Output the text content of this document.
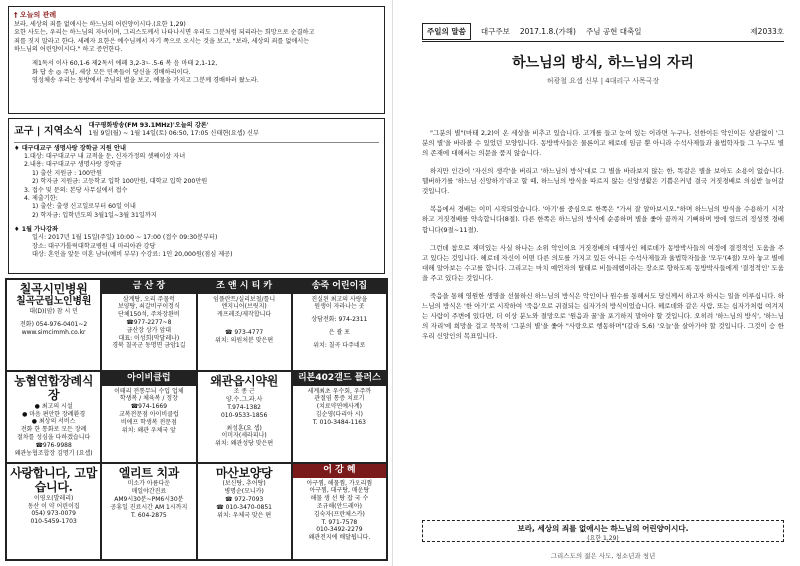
† 오늘의 관례
보라, 세상의 죄를 없애시는 하느님의 어린양이시다.(요한 1,29)
요한 사도는, 우리는 하느님의 자녀이며, 그리스도께서 나타나시면 우리도 그분처럼 되리라는 희망으로 순결하고
죄를 짓지 말라고 한다. 세례자 요한은 예수님께서 자기 쪽으로 오시는 것을 보고, "보라, 세상의 죄를 없애시는
하느님의 어린양이시다." 하고 증언한다.
제1독서 이사 60,1-6 제2독서 에페 3,2-3ㄴ.5-6 복 음 마태 2,1-12,
화 답 송 ◎ 주님, 세상 모든 민족들이 당신을 경배하리이다.
영성체송 우리는 동방에서 주님의 별을 보고, 예물을 가지고 그분께 경배하러 왔노라.
교구 | 지역소식
대구평화방송(FM 93.1MHz)'오늘의 강론'
1월 9일(월) ~ 1월 14일(토) 06:50, 17:05 신태현(요셉) 신부
♦ 대구대교구 생명사랑 장학금 지원 안내
1.대상: 대구대교구 내 교적을 둔, 신자가정의 셋째이상 자녀
2.내용: 대구대교구 생명사랑 장학금
1) 출산 지원금 : 100만원
2) 학자금 지원금: 고등학교 입학 100만원, 대학교 입학 200만원
3. 접수 및 문의: 본당 사무실에서 접수
4. 제출기한:
1) 출산: 출생 신고일로부터 60일 이내
2) 학자금: 입학년도의 3월1일~3월 31일까지
♦ 1월 가나강좌
일시: 2017년 1월 15일(주일) 10:00 ~ 17:00 (접수 09:30분부터)
장소: 대구가톨릭대학교병원 내 마리아관 강당
대상: 혼인을 앞둔 미혼 남녀(예비 부부) 수강료: 1인 20,000원(점심 제공)
칠곡시민병원
칠곡군립노인병원
대(D)(암) 참 시 민
전화) 054-976-0401~2
www.simcimmh.co.kr
금 산 장
삼계탕, 오리 주물럭
보양탕, 쇠갈비구이정식
단체150석, 주차장완비
☎977-2277~8
금산장 상가 앞대
대표: 이성희(막달레나)
경북 칠곡군 동명면 금암1길
조 앤 시 티 카
임플란트/실리보철/틀니
엔지니어(브릿지)
캐프레조/제작합니다
☎ 973-4777
위치: 의원처분 맞은편
송죽 어린이집
진실된 최고의 사랑을
원생이 자라나는 곳
상담전화: 974-2311
은 괄 포
위치: 칠곡 다주네로
농협연합장례식장
● 최고의 시설
● 마음 편안한 장례환경
● 최상의 서비스
전화 한 통화로 모든 장례
절차를 성심을 다하겠습니다
☎976-9988
왜관농협조합장 김명기 (요셉)
아이비클럽
이태리 전통무늬 수입 업체
학생복 / 체육복 / 정장
☎974-1669
교복전문점 아이비클럽
비에프 학생복 전문점
위치: 왜관 우체국 앞
왜관읍시약원
조 종 근
양.수.그.과.사
T.974-1382
010-9533-1856
최성훈(요 셉)
이미자(세라피나)
위치: 왜관성당 맞은편
리본402갤드 플러스
세계최초 우수회, 우주까
관절염 통증 치료기
(치료약연예사계)
김순영(다리아 시)
T. 010-3484-1163
사랑합니다, 고맙습니다.
이영오(발레리)
동산 이 약 어린이집
054) 973-0079
010-5459-1703
엘리트 치과
미소가 아름다운
매일야간진료
AM9시30분~PM6시30분
공휴일 진료시간 AM 1시까지
T. 604-2875
마산보양당
(보신탕, 추어탕)
병명순(모니카)
☎ 972-7093
☎ 010-3470-0851
위치: 우체국 맞은 편
어 강 혜
아구찜, 해물찜, 가오리찜
아구찜, 대구탕, 매운탕
해물 생 선 탕 잡 국 수
조규해(안드레아)
김숙자(프란체스카)
T. 971-7578
010-3492-2279
왜관전지에 배달됩니다.
주일의 말씀	대구주보 2017.1.8.(가해) 주님 공현 대축일	제2033호
하느님의 방식, 하느님의 자리
허광철 요셉 신부 | 4대리구 사목국장

"그분의 별"(마태 2,2)이 온 세상을 비추고 있습니다. 고개를 들고 눈여 있는 이라면 누구나, 선한이든 악인이든 상관없이 '그분의 별'을 바라볼 수 있었던 모양입니다. 동방박사들은 물론이고 헤로데 임금 뿐 아니라 수석사제들과 율법학자들 그 누구도 별의 존재에 대해서는 의문을 품지 않습니다.

하지만 인간이 '자신의 생각'을 버리고 '하느님의 방식'대로 그 별을 바라보지 않는 한, 똑같은 별을 보아도 소용이 없습니다. 헬버하기를 '하느님 신앙하기'라고 할 때, 하느님의 방식을 따르지 않는 신앙생활은 기쁨은커녕 결국 거짓경배로 의심받 늘어갈 것입니다.

복음에서 경배는 이미 시작되었습니다. '아기'를 중심으로 한쪽은 "가서 잘 알아보시오."하며 하느님의 방식을 수용하기 시작하고 거짓경배를 약속합니다(8절). 다른 한쪽은 하느님의 방식에 순종하며 별을 좇아 끝까지 기뻐하며 방에 엎드려 정성껏 경배합니다(9절~11절).

그런데 참으로 재미있는 사실 하나는 소위 악인이요 거짓경배의 대명사인 헤로데가 동방박사들의 여정에 결정적인 도움을 주고 있다는 것입니다. 헤로데 자신이 어떤 다른 의도를 가지고 있든 아니든 수석사제들과 율법학자들을 '모두'(4절) 모아 놓고 별에 대해 알아보는 수고를 합니다. 그리고는 마치 예언자의 탈태로 비들레헴이라는 장소로 향하도록 동방박사들에게 '결정적인' 도움을 주고 있다는 것입니다.

죽음을 통해 영원한 생명을 선물하신 하느님의 방식은 악인이나 원수를 통해서도 당신께서 하고자 하시는 일을 이루십니다. 하느님의 방식은 '한 아기'로 시작하여 '죽음'으로 귀결되는 십자가의 방식이었습니다. 헤로데와 같은 사람, 또는 십자가처럼 여겨지는 사람이 주변에 있다면, 더 이상 분노와 절망으로 '원음과 꿀'을 포기하지 말아야 할 것입니다. 오히려 '하느님의 방식', '하느님의 자리'에 희망을 걸고 묵묵히 '그분의 별'을 좇아 "사랑으로 행동하며"(갈라 5,6) '오늘'을 살아가야 할 것입니다. 그것이 승 한 우리 신앙인의 목표입니다.

보라, 세상의 죄를 없애시는 하느님의 어린양이시다.
(요한 1,29)
그리스도의 젊은 사도, 청소년과 청년
